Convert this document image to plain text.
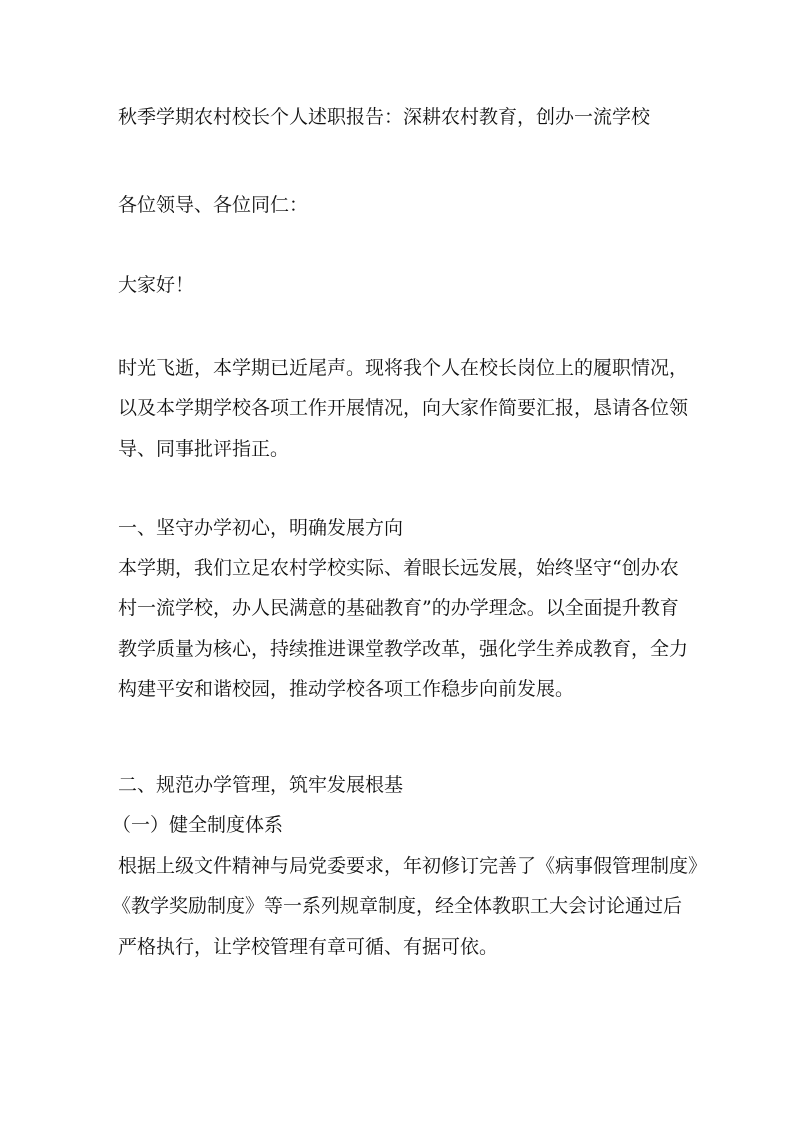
秋季学期农村校长个人述职报告：深耕农村教育，创办一流学校
各位领导、各位同仁：
大家好！
时光飞逝，本学期已近尾声。现将我个人在校长岗位上的履职情况，
以及本学期学校各项工作开展情况，向大家作简要汇报，恳请各位领
导、同事批评指正。
一、坚守办学初心，明确发展方向
本学期，我们立足农村学校实际、着眼长远发展，始终坚守“创办农
村一流学校，办人民满意的基础教育”的办学理念。以全面提升教育
教学质量为核心，持续推进课堂教学改革，强化学生养成教育，全力
构建平安和谐校园，推动学校各项工作稳步向前发展。
二、规范办学管理，筑牢发展根基
（一）健全制度体系
根据上级文件精神与局党委要求，年初修订完善了《病事假管理制度》
《教学奖励制度》等一系列规章制度，经全体教职工大会讨论通过后
严格执行，让学校管理有章可循、有据可依。
